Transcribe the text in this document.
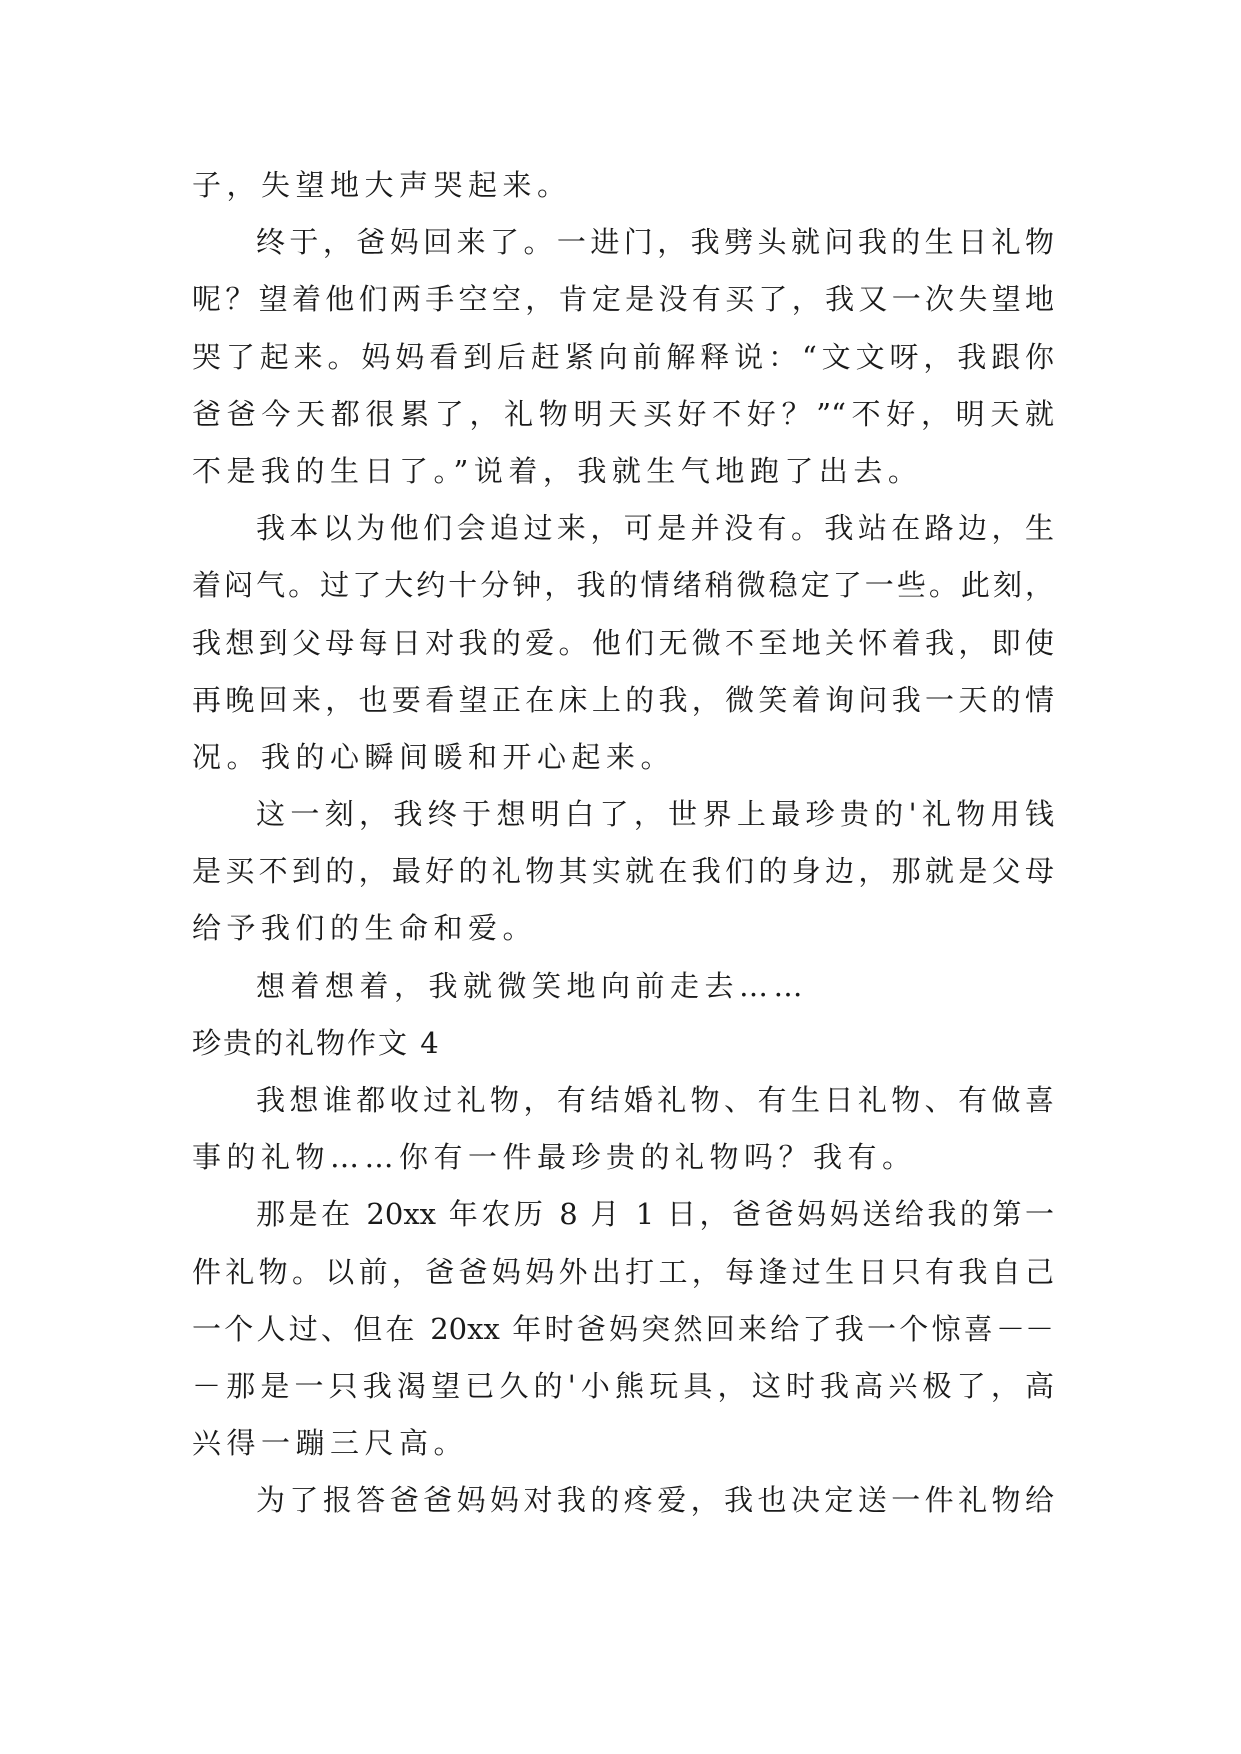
子，失望地大声哭起来。
终于，爸妈回来了。一进门，我劈头就问我的生日礼物
呢？望着他们两手空空，肯定是没有买了，我又一次失望地
哭了起来。妈妈看到后赶紧向前解释说：“文文呀，我跟你
爸爸今天都很累了，礼物明天买好不好？”“不好，明天就
不是我的生日了。”说着，我就生气地跑了出去。
我本以为他们会追过来，可是并没有。我站在路边，生
着闷气。过了大约十分钟，我的情绪稍微稳定了一些。此刻，
我想到父母每日对我的爱。他们无微不至地关怀着我，即使
再晚回来，也要看望正在床上的我，微笑着询问我一天的情
况。我的心瞬间暖和开心起来。
这一刻，我终于想明白了，世界上最珍贵的'礼物用钱
是买不到的，最好的礼物其实就在我们的身边，那就是父母
给予我们的生命和爱。
想着想着，我就微笑地向前走去……
珍贵的礼物作文 4
我想谁都收过礼物，有结婚礼物、有生日礼物、有做喜
事的礼物……你有一件最珍贵的礼物吗？我有。
那是在 20xx 年农历 8 月 1 日，爸爸妈妈送给我的第一
件礼物。以前，爸爸妈妈外出打工，每逢过生日只有我自己
一个人过、但在 20xx 年时爸妈突然回来给了我一个惊喜－－
－那是一只我渴望已久的'小熊玩具，这时我高兴极了，高
兴得一蹦三尺高。
为了报答爸爸妈妈对我的疼爱，我也决定送一件礼物给
